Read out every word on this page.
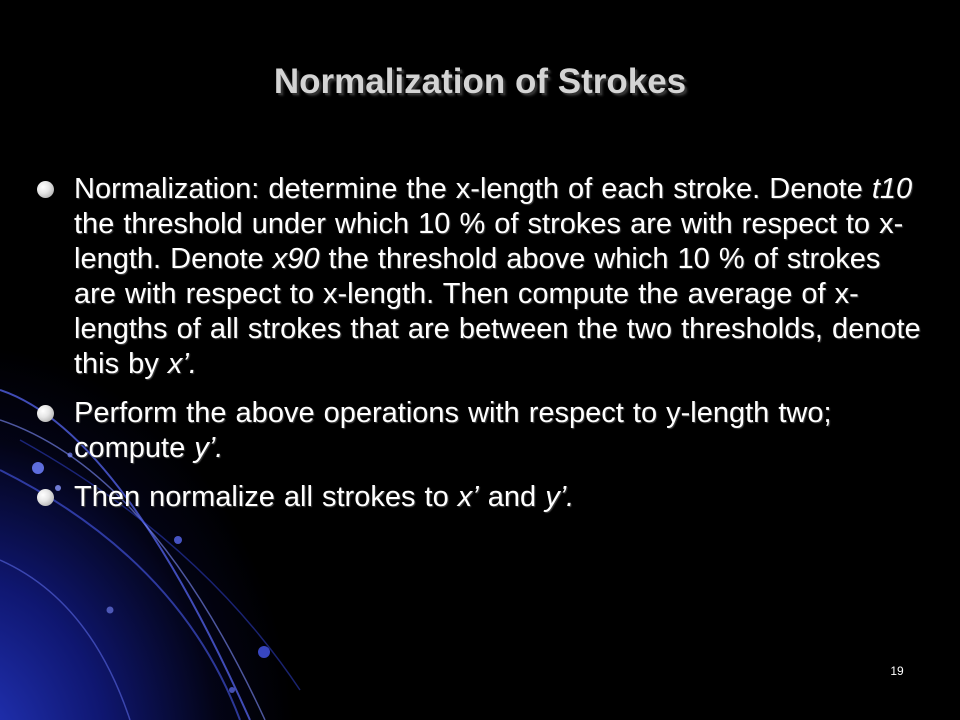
Normalization of Strokes
Normalization: determine the x-length of each stroke. Denote t10 the threshold under which 10 % of strokes are with respect to x-length. Denote x90 the threshold above which 10 % of strokes are with respect to x-length. Then compute the average of x-lengths of all strokes that are between the two thresholds, denote this by x’.
Perform the above operations with respect to y-length two; compute y’.
Then normalize all strokes to x’ and y’.
19
